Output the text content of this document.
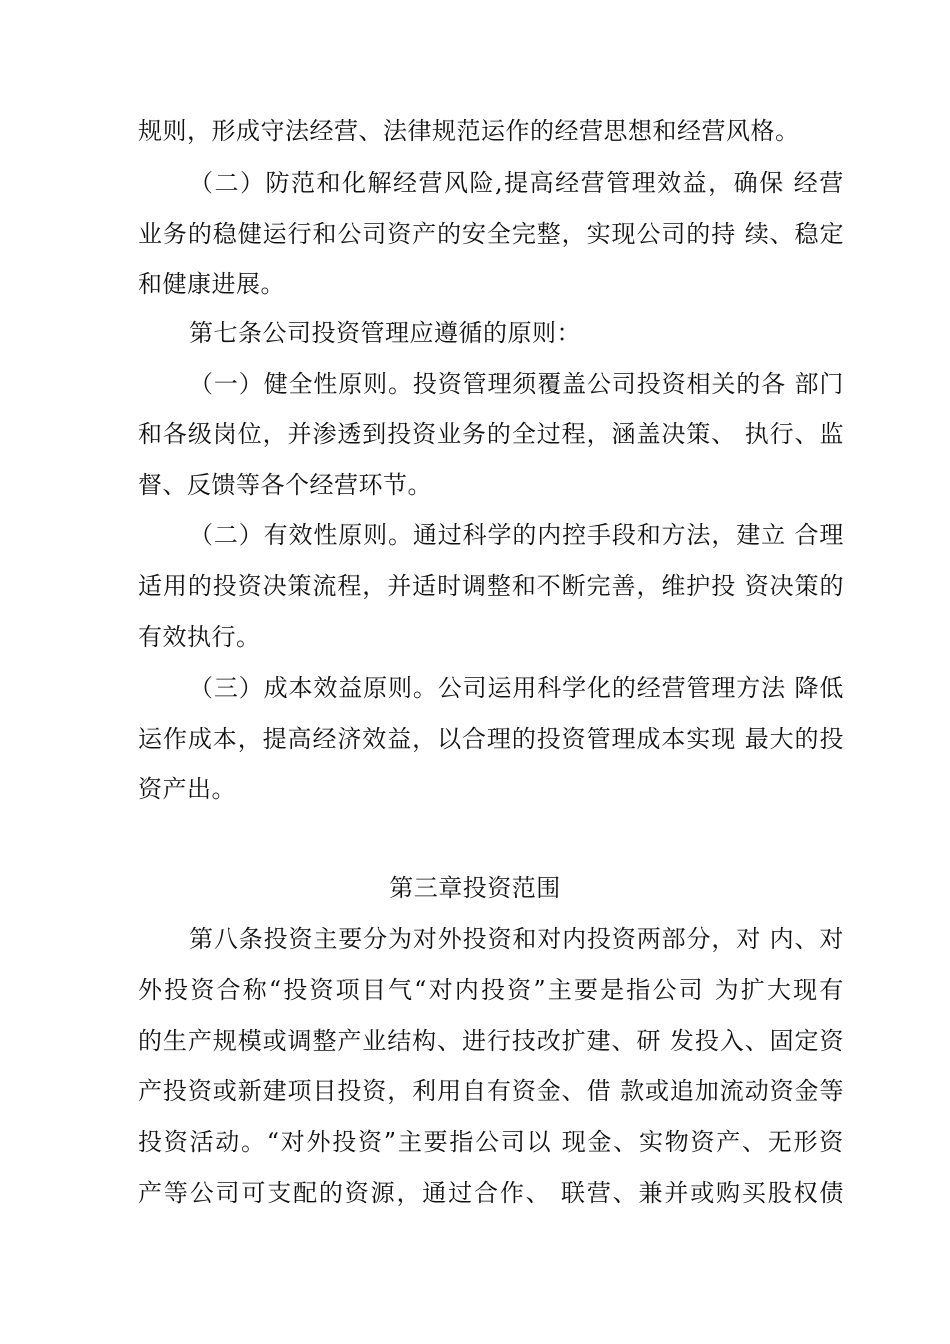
规则，形成守法经营、法律规范运作的经营思想和经营风格。
（ 二 ） 防 范 和 化 解 经 营 风 险 , 提 高 经 营 管 理 效 益 ， 确 保
经 营
业 务 的 稳 健 运 行 和 公 司 资 产 的 安 全 完 整 ， 实 现 公 司 的 持
续 、 稳 定
和健康进展。
第七条公司投资管理应遵循的原则：
（ 一 ） 健 全 性 原 则 。 投 资 管 理 须 覆 盖 公 司 投 资 相 关 的 各
部 门
和 各 级 岗 位 ， 并 渗 透 到 投 资 业 务 的 全 过 程 ， 涵 盖 决 策 、
执 行 、 监
督、反馈等各个经营环节。
（ 二 ） 有 效 性 原 则 。 通 过 科 学 的 内 控 手 段 和 方 法 ， 建 立
合 理
适 用 的 投 资 决 策 流 程 ， 并 适 时 调 整 和 不 断 完 善 ， 维 护 投
资 决 策 的
有效执行。
（ 三 ） 成 本 效 益 原 则 。 公 司 运 用 科 学 化 的 经 营 管 理 方 法
降 低
运 作 成 本 ， 提 高 经 济 效 益 ， 以 合 理 的 投 资 管 理 成 本 实 现
最 大 的 投
资产出。
第三章投资范围
第 八 条 投 资 主 要 分 为 对 外 投 资 和 对 内 投 资 两 部 分 ， 对
内 、 对
外 投 资 合 称 “ 投 资 项 目 气 “ 对 内 投 资 ” 主 要 是 指 公 司
为 扩 大 现 有
的 生 产 规 模 或 调 整 产 业 结 构 、 进 行 技 改 扩 建 、 研
发 投 入 、 固 定 资
产 投 资 或 新 建 项 目 投 资 ， 利 用 自 有 资 金 、 借
款 或 追 加 流 动 资 金 等
投 资 活 动 。 “ 对 外 投 资 ” 主 要 指 公 司 以
现 金 、 实 物 资 产 、 无 形 资
产 等 公 司 可 支 配 的 资 源 ， 通 过 合 作 、
联 营 、 兼 并 或 购 买 股 权 债
